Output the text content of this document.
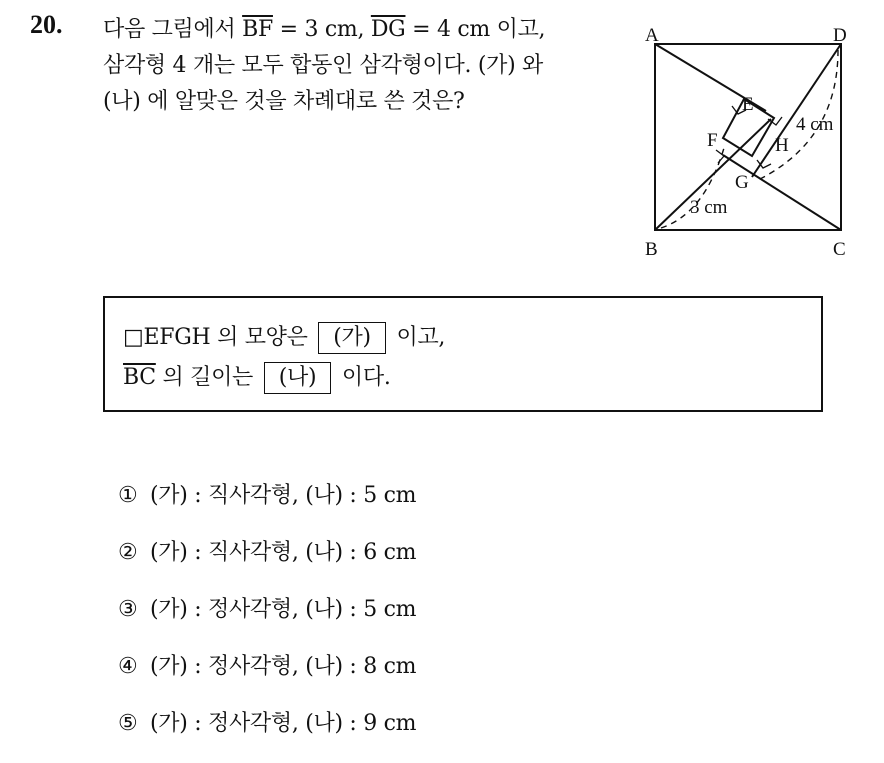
20. 다음 그림에서 $\overline{BF} = 3$ cm, $\overline{DG} = 4$ cm 이고,
삼각형 4 개는 모두 합동인 삼각형이다. (가) 와
(나) 에 알맞은 것을 차례대로 쓴 것은?
A	D
B	C
E
F
G
H
3 cm
4 cm
□EFGH 의 모양은 (가) 이고,
$\overline{BC}$ 의 길이는 (나) 이다.
① (가) : 직사각형, (나) : 5 cm
② (가) : 직사각형, (나) : 6 cm
③ (가) : 정사각형, (나) : 5 cm
④ (가) : 정사각형, (나) : 8 cm
⑤ (가) : 정사각형, (나) : 9 cm
